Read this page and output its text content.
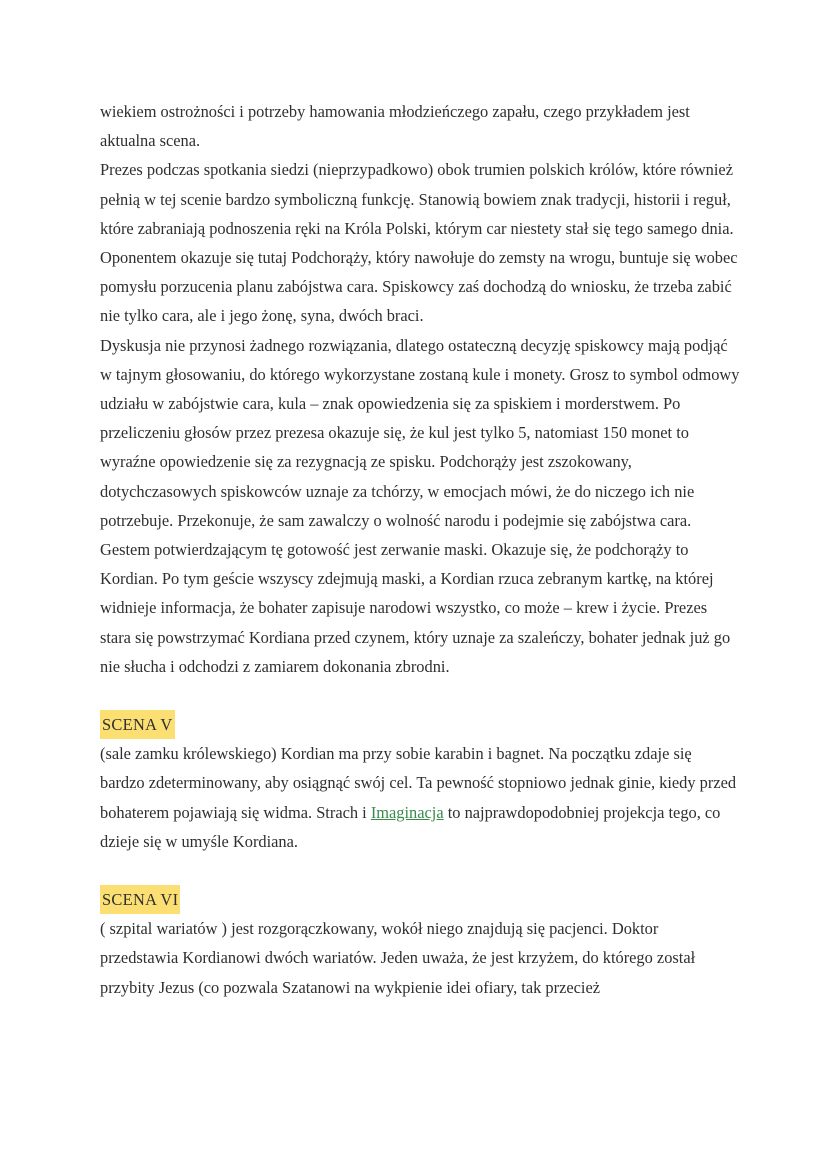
wiekiem ostrożności i potrzeby hamowania młodzieńczego zapału, czego przykładem jest aktualna scena.

Prezes podczas spotkania siedzi (nieprzypadkowo) obok trumien polskich królów, które również pełnią w tej scenie bardzo symboliczną funkcję. Stanowią bowiem znak tradycji, historii i reguł, które zabraniają podnoszenia ręki na Króla Polski, którym car niestety stał się tego samego dnia. Oponentem okazuje się tutaj Podchorąży, który nawołuje do zemsty na wrogu, buntuje się wobec pomysłu porzucenia planu zabójstwa cara. Spiskowcy zaś dochodzą do wniosku, że trzeba zabić nie tylko cara, ale i jego żonę, syna, dwóch braci.

Dyskusja nie przynosi żadnego rozwiązania, dlatego ostateczną decyzję spiskowcy mają podjąć w tajnym głosowaniu, do którego wykorzystane zostaną kule i monety. Grosz to symbol odmowy udziału w zabójstwie cara, kula – znak opowiedzenia się za spiskiem i morderstwem. Po przeliczeniu głosów przez prezesa okazuje się, że kul jest tylko 5, natomiast 150 monet to wyraźne opowiedzenie się za rezygnacją ze spisku. Podchorąży jest zszokowany, dotychczasowych spiskowców uznaje za tchórzy, w emocjach mówi, że do niczego ich nie potrzebuje. Przekonuje, że sam zawalczy o wolność narodu i podejmie się zabójstwa cara. Gestem potwierdzającym tę gotowość jest zerwanie maski. Okazuje się, że podchorąży to Kordian. Po tym geście wszyscy zdejmują maski, a Kordian rzuca zebranym kartkę, na której widnieje informacja, że bohater zapisuje narodowi wszystko, co może – krew i życie. Prezes stara się powstrzymać Kordiana przed czynem, który uznaje za szaleńczy, bohater jednak już go nie słucha i odchodzi z zamiarem dokonania zbrodni.

SCENA V

(sale zamku królewskiego) Kordian ma przy sobie karabin i bagnet. Na początku zdaje się bardzo zdeterminowany, aby osiągnąć swój cel. Ta pewność stopniowo jednak ginie, kiedy przed bohaterem pojawiają się widma. Strach i Imaginacja to najprawdopodobniej projekcja tego, co dzieje się w umyśle Kordiana.

SCENA VI

( szpital wariatów ) jest rozgorączkowany, wokół niego znajdują się pacjenci. Doktor przedstawia Kordianowi dwóch wariatów. Jeden uważa, że jest krzyżem, do którego został przybity Jezus (co pozwala Szatanowi na wykpienie idei ofiary, tak przecież
